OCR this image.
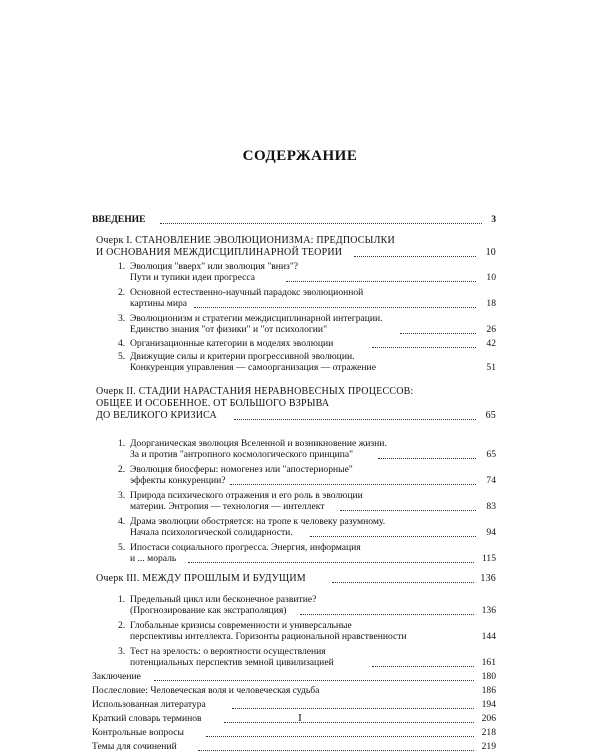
СОДЕРЖАНИЕ
ВВЕДЕНИЕ	3
Очерк I. СТАНОВЛЕНИЕ ЭВОЛЮЦИОНИЗМА: ПРЕДПОСЫЛКИ
И ОСНОВАНИЯ МЕЖДИСЦИПЛИНАРНОЙ ТЕОРИИ	10
1. Эволюция "вверх" или эволюция "вниз"?
Пути и тупики идеи прогресса	10
2. Основной естественно-научный парадокс эволюционной
картины мира	18
3. Эволюционизм и стратегии междисциплинарной интеграции.
Единство знания "от физики" и "от психологии"	26
4. Организационные категории в моделях эволюции	42
5. Движущие силы и критерии прогрессивной эволюции.
Конкуренция управления — самоорганизация — отражение	51
Очерк II. СТАДИИ НАРАСТАНИЯ НЕРАВНОВЕСНЫХ ПРОЦЕССОВ:
ОБЩЕЕ И ОСОБЕННОЕ. ОТ БОЛЬШОГО ВЗРЫВА
ДО ВЕЛИКОГО КРИЗИСА	65
1. Доорганическая эволюция Вселенной и возникновение жизни.
За и против "антропного космологического принципа"	65
2. Эволюция биосферы: номогенез или "апостериорные"
эффекты конкуренции?	74
3. Природа психического отражения и его роль в эволюции
материи. Энтропия — технология — интеллект	83
4. Драма эволюции обостряется: на тропе к человеку разумному.
Начала психологической солидарности.	94
5. Ипостаси социального прогресса. Энергия, информация
и ... мораль	115
Очерк III. МЕЖДУ ПРОШЛЫМ И БУДУЩИМ	136
1. Предельный цикл или бесконечное развитие?
(Прогнозирование как экстраполяция)	136
2. Глобальные кризисы современности и универсальные
перспективы интеллекта. Горизонты рациональной нравственности	144
3. Тест на зрелость: о вероятности осуществления
потенциальных перспектив земной цивилизацией	161
Заключение	180
Послесловие: Человеческая воля и человеческая судьба	186
Использованная литература	194
Краткий словарь терминов	206
Контрольные вопросы	218
Темы для сочинений	219
I
